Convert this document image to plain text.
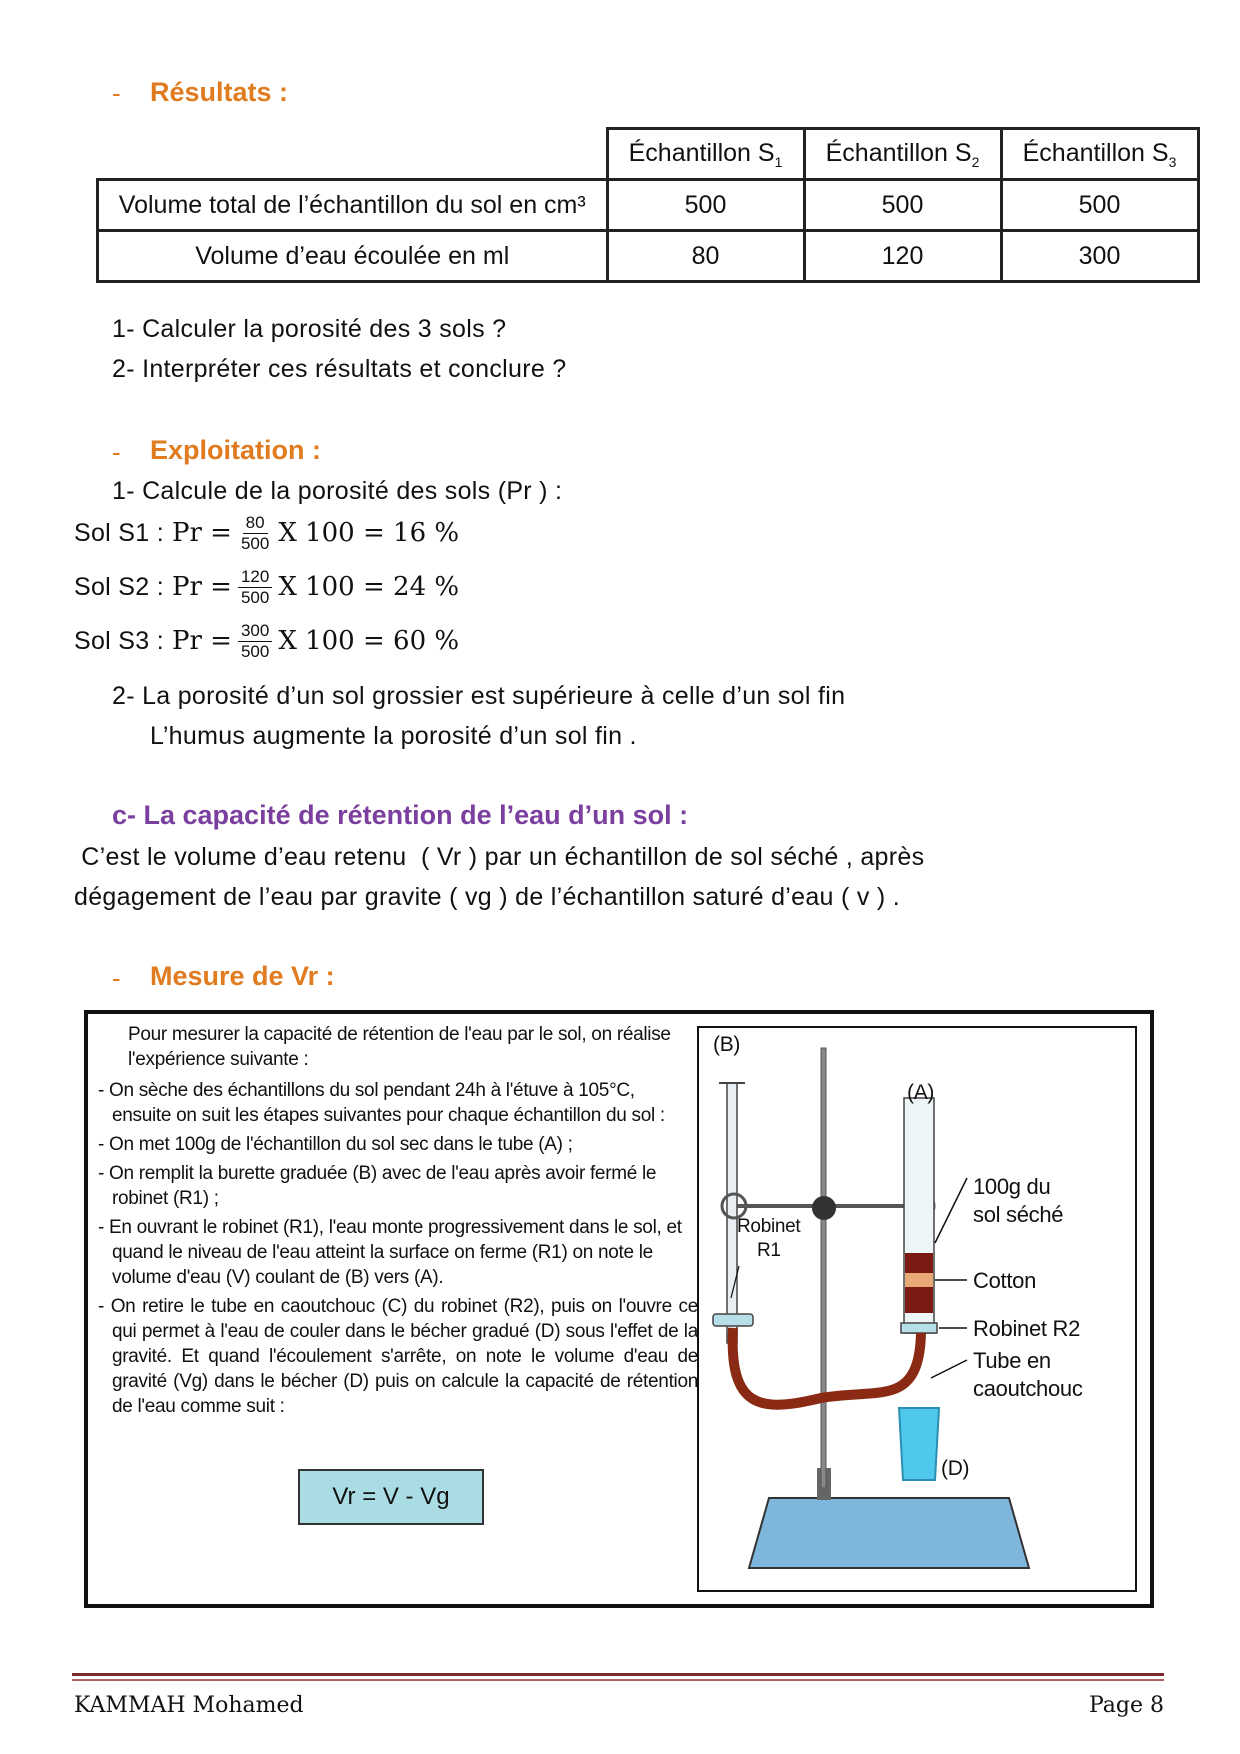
- Résultats :
	Échantillon $S_1$	Échantillon $S_2$	Échantillon $S_3$
Volume total de l’échantillon du sol en cm³	500	500	500
Volume d’eau écoulée en ml	80	120	300
1- Calculer la porosité des 3 sols ?
2- Interpréter ces résultats et conclure ?
- Exploitation :
1- Calcule de la porosité des sols (Pr ) :
Sol S1 : $Pr = \frac{80}{500}$ X 100 = 16 %
Sol S2 : $Pr = \frac{120}{500}$ X 100 = 24 %
Sol S3 : $Pr = \frac{300}{500}$ X 100 = 60 %
2- La porosité d’un sol grossier est supérieure à celle d’un sol fin
L’humus augmente la porosité d’un sol fin .
c- La capacité de rétention de l’eau d’un sol :
C’est le volume d’eau retenu  ( Vr ) par un échantillon de sol séché , après
dégagement de l’eau par gravite ( vg ) de l’échantillon saturé d’eau ( v ) .
- Mesure de Vr :
Pour mesurer la capacité de rétention de l'eau par le sol, on réalise l'expérience suivante :
- On sèche des échantillons du sol pendant 24h à l'étuve à 105°C, ensuite on suit les étapes suivantes pour chaque échantillon du sol :
- On met 100g de l'échantillon du sol sec dans le tube (A) ;
- On remplit la burette graduée (B) avec de l'eau après avoir fermé le robinet (R1) ;
- En ouvrant le robinet (R1), l'eau monte progressivement dans le sol, et quand le niveau de l'eau atteint la surface on ferme (R1) on note le volume d'eau (V) coulant de (B) vers (A).
- On retire le tube en caoutchouc (C) du robinet (R2), puis on l'ouvre ce qui permet à l'eau de couler dans le bécher gradué (D) sous l'effet de la gravité. Et quand l'écoulement s'arrête, on note le volume d'eau de gravité (Vg) dans le bécher (D) puis on calcule la capacité de rétention de l'eau comme suit :
Vr = V - Vg
(B)
(A)
(D)
Robinet
R1
100g du
sol séché
Cotton
Robinet R2
Tube en
caoutchouc
KAMMAH Mohamed	Page 8
